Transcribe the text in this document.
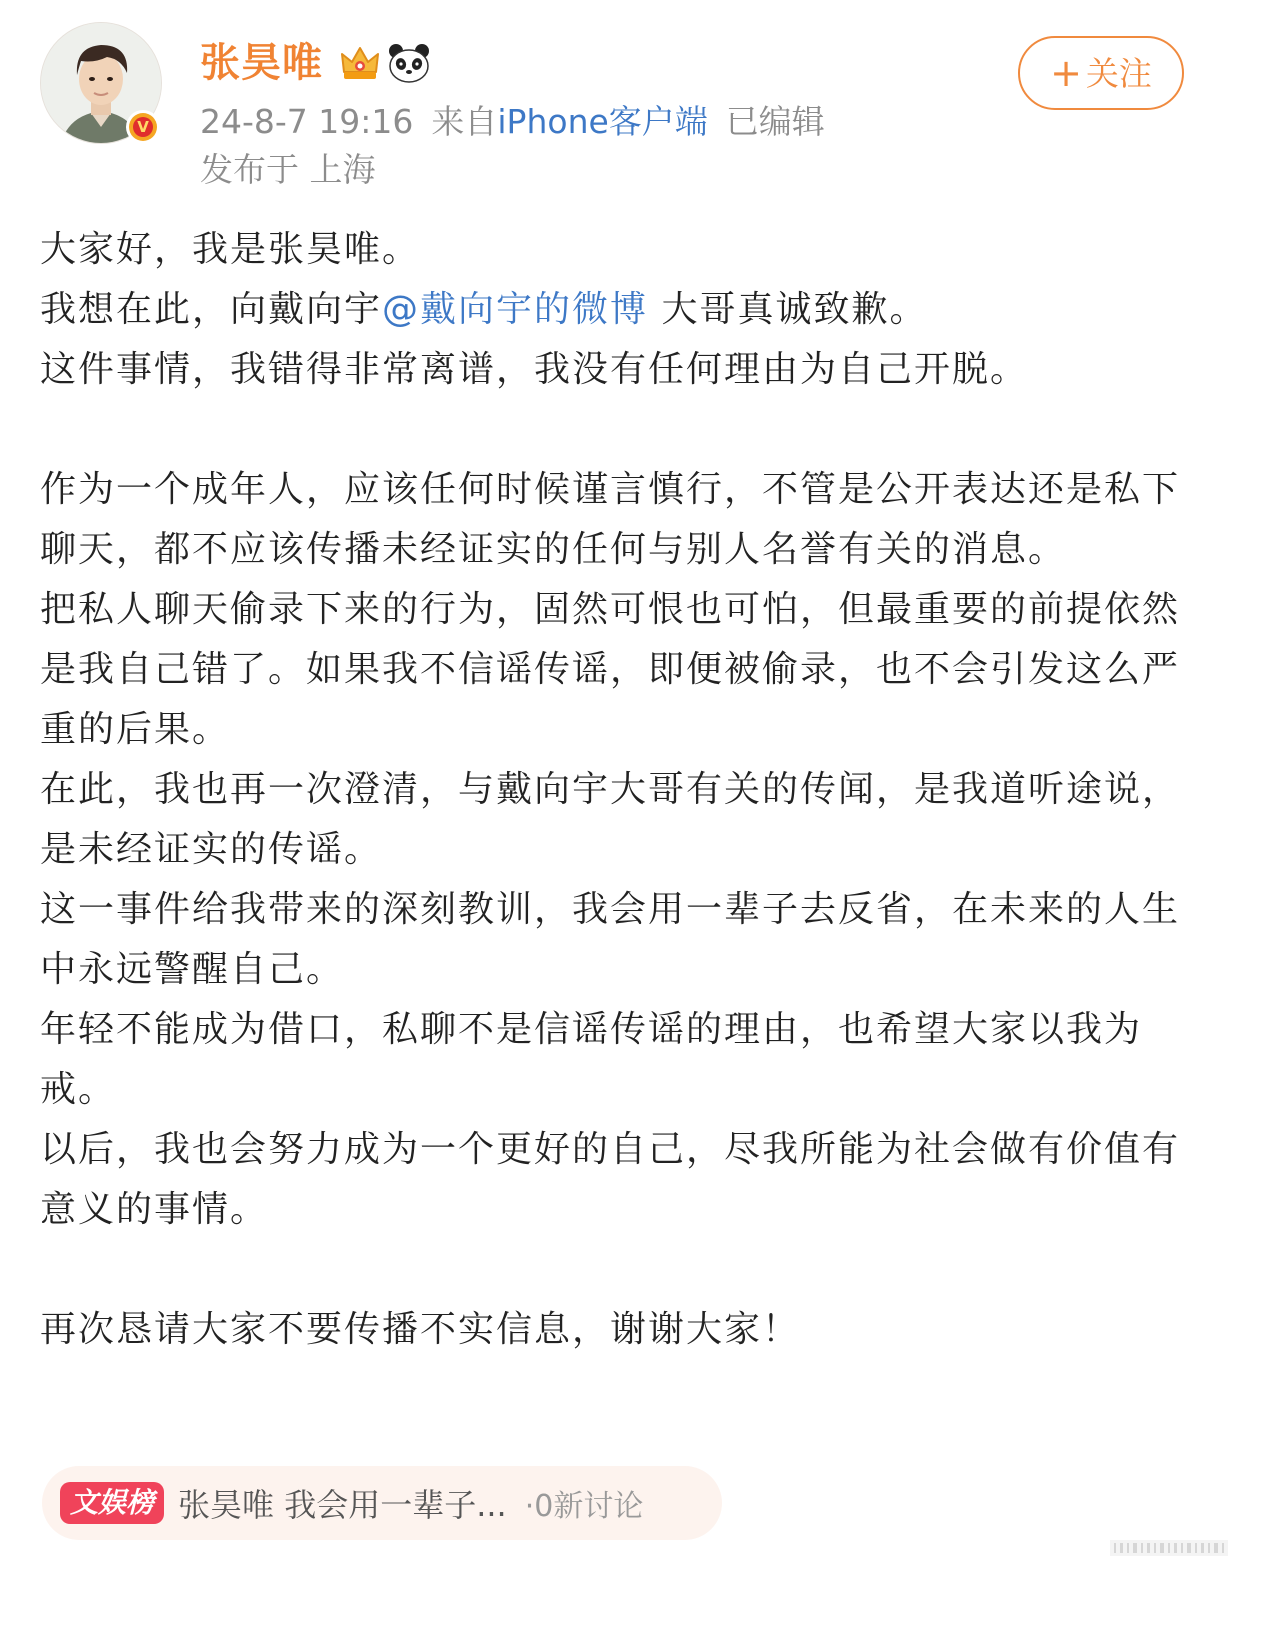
V
张昊唯
24-8-7 19:16 来自iPhone客户端 已编辑
发布于 上海
+ 关注

大家好，我是张昊唯。

我想在此，向戴向宇@戴向宇的微博 大哥真诚致歉。

这件事情，我错得非常离谱，我没有任何理由为自己开脱。

作为一个成年人，应该任何时候谨言慎行，不管是公开表达还是私下聊天，都不应该传播未经证实的任何与别人名誉有关的消息。

把私人聊天偷录下来的行为，固然可恨也可怕，但最重要的前提依然是我自己错了。如果我不信谣传谣，即便被偷录，也不会引发这么严重的后果。

在此，我也再一次澄清，与戴向宇大哥有关的传闻，是我道听途说，是未经证实的传谣。

这一事件给我带来的深刻教训，我会用一辈子去反省，在未来的人生中永远警醒自己。

年轻不能成为借口，私聊不是信谣传谣的理由，也希望大家以我为戒。

以后，我也会努力成为一个更好的自己，尽我所能为社会做有价值有意义的事情。

再次恳请大家不要传播不实信息，谢谢大家！

文娱榜 张昊唯 我会用一辈子... ·0新讨论
